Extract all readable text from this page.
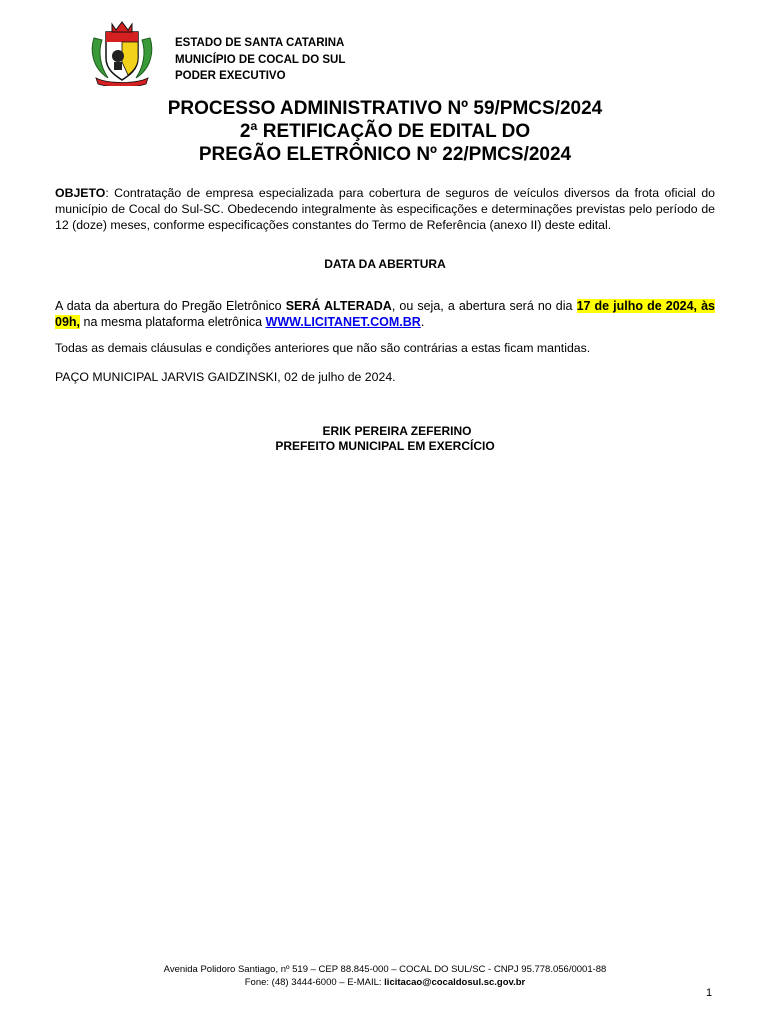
ESTADO DE SANTA CATARINA
MUNICÍPIO DE COCAL DO SUL
PODER EXECUTIVO
PROCESSO ADMINISTRATIVO Nº 59/PMCS/2024
2ª RETIFICAÇÃO DE EDITAL DO
PREGÃO ELETRÔNICO Nº 22/PMCS/2024
OBJETO: Contratação de empresa especializada para cobertura de seguros de veículos diversos da frota oficial do município de Cocal do Sul-SC. Obedecendo integralmente às especificações e determinações previstas pelo período de 12 (doze) meses, conforme especificações constantes do Termo de Referência (anexo II) deste edital.
DATA DA ABERTURA
A data da abertura do Pregão Eletrônico SERÁ ALTERADA, ou seja, a abertura será no dia 17 de julho de 2024, às 09h, na mesma plataforma eletrônica WWW.LICITANET.COM.BR.
Todas as demais cláusulas e condições anteriores que não são contrárias a estas ficam mantidas.
PAÇO MUNICIPAL JARVIS GAIDZINSKI, 02 de julho de 2024.
ERIK PEREIRA ZEFERINO
PREFEITO MUNICIPAL EM EXERCÍCIO
Avenida Polidoro Santiago, nº 519 – CEP 88.845-000 – COCAL DO SUL/SC - CNPJ 95.778.056/0001-88
Fone: (48) 3444-6000 – E-MAIL: licitacao@cocaldosul.sc.gov.br
1
